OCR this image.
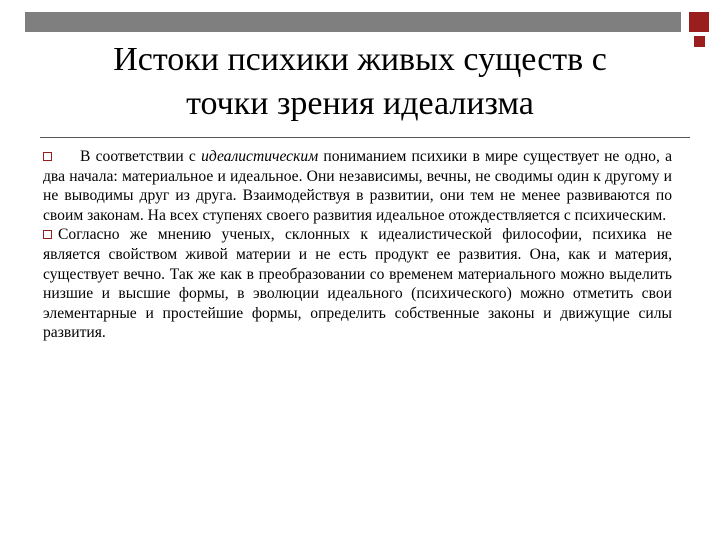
Истоки психики живых существ с
точки зрения идеализма

В соответствии с идеалистическим пониманием психики в мире существует не одно, а два начала: материальное и идеальное. Они независимы, вечны, не сводимы один к другому и не выводимы друг из друга. Взаимодействуя в развитии, они тем не менее развиваются по своим законам. На всех ступенях своего развития идеальное отождествляется с психическим.

Согласно же мнению ученых, склонных к идеалистической философии, психика не является свойством живой материи и не есть продукт ее развития. Она, как и материя, существует вечно. Так же как в преобразовании со временем материального можно выделить низшие и высшие формы, в эволюции идеального (психического) можно отметить свои элементарные и простейшие формы, определить собственные законы и движущие силы развития.
